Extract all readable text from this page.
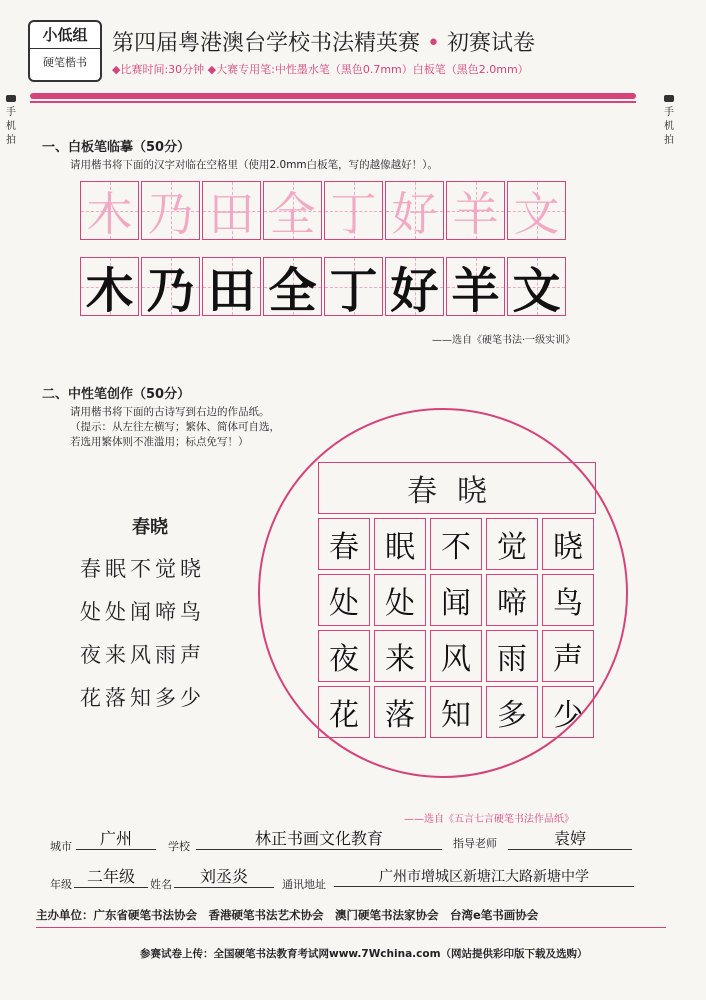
小低组
硬笔楷书
第四届粤港澳台学校书法精英赛 • 初赛试卷
◆比赛时间:30分钟 ◆大赛专用笔:中性墨水笔（黑色0.7mm）白板笔（黑色2.0mm）
手
机
拍
手
机
拍
一、白板笔临摹（50分）
请用楷书将下面的汉字对临在空格里（使用2.0mm白板笔，写的越像越好！）。
木 乃 田 全 丁 好 羊 文
木 乃 田 全 丁 好 羊 文
——选自《硬笔书法·一级实训》
二、中性笔创作（50分）
请用楷书将下面的古诗写到右边的作品纸。
（提示：从左往左横写；繁体、简体可自选，
若选用繁体则不准滥用；标点免写！）
春晓
春眠不觉晓
处处闻啼鸟
夜来风雨声
花落知多少
春晓
春 眠 不 觉 晓
处 处 闻 啼 鸟
夜 来 风 雨 声
花 落 知 多 少
——选自《五言七言硬笔书法作品纸》
城市	广州	学校	林正书画文化教育	指导老师	袁婷
年级 二年级	姓名	刘丞炎	通讯地址	广州市增城区新塘江大路新塘中学
主办单位：广东省硬笔书法协会　香港硬笔书法艺术协会　澳门硬笔书法家协会　台湾e笔书画协会
参赛试卷上传：全国硬笔书法教育考试网www.7Wchina.com（网站提供彩印版下载及选购）
